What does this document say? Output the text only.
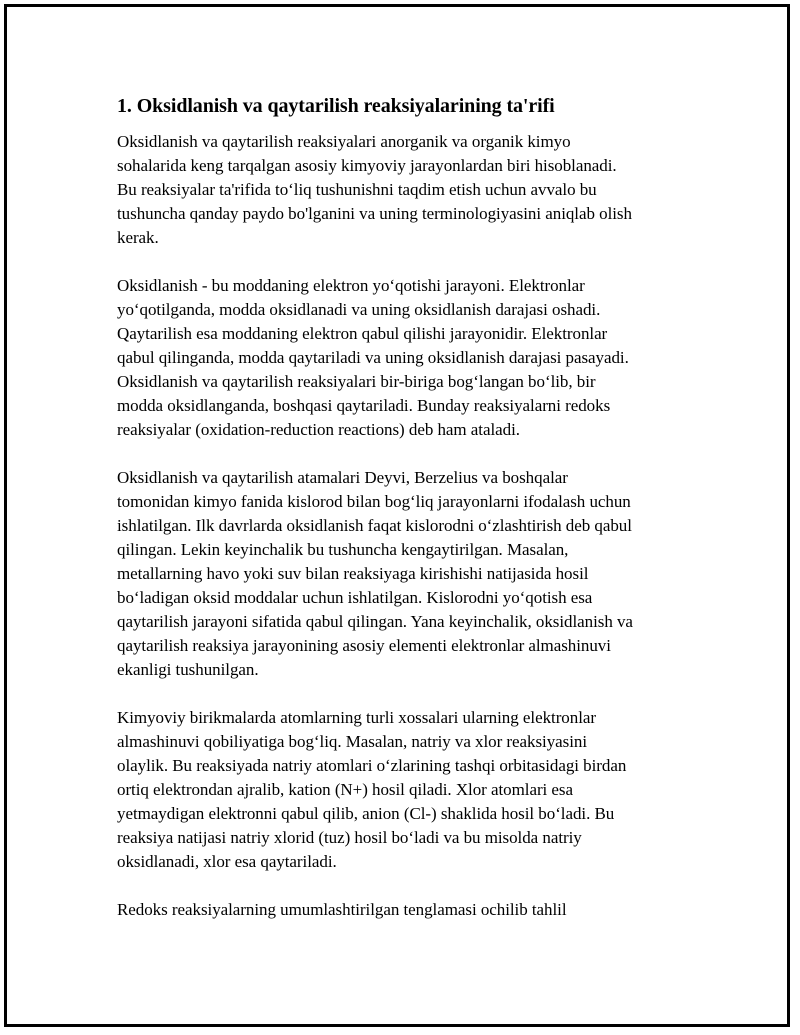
1. Oksidlanish va qaytarilish reaksiyalarining ta'rifi
Oksidlanish va qaytarilish reaksiyalari anorganik va organik kimyo
sohalarida keng tarqalgan asosiy kimyoviy jarayonlardan biri hisoblanadi.
Bu reaksiyalar ta'rifida to‘liq tushunishni taqdim etish uchun avvalo bu
tushuncha qanday paydo bo'lganini va uning terminologiyasini aniqlab olish
kerak.
Oksidlanish - bu moddaning elektron yo‘qotishi jarayoni. Elektronlar
yo‘qotilganda, modda oksidlanadi va uning oksidlanish darajasi oshadi.
Qaytarilish esa moddaning elektron qabul qilishi jarayonidir. Elektronlar
qabul qilinganda, modda qaytariladi va uning oksidlanish darajasi pasayadi.
Oksidlanish va qaytarilish reaksiyalari bir-biriga bog‘langan bo‘lib, bir
modda oksidlanganda, boshqasi qaytariladi. Bunday reaksiyalarni redoks
reaksiyalar (oxidation-reduction reactions) deb ham ataladi.
Oksidlanish va qaytarilish atamalari Deyvi, Berzelius va boshqalar
tomonidan kimyo fanida kislorod bilan bog‘liq jarayonlarni ifodalash uchun
ishlatilgan. Ilk davrlarda oksidlanish faqat kislorodni o‘zlashtirish deb qabul
qilingan. Lekin keyinchalik bu tushuncha kengaytirilgan. Masalan,
metallarning havo yoki suv bilan reaksiyaga kirishishi natijasida hosil
bo‘ladigan oksid moddalar uchun ishlatilgan. Kislorodni yo‘qotish esa
qaytarilish jarayoni sifatida qabul qilingan. Yana keyinchalik, oksidlanish va
qaytarilish reaksiya jarayonining asosiy elementi elektronlar almashinuvi
ekanligi tushunilgan.
Kimyoviy birikmalarda atomlarning turli xossalari ularning elektronlar
almashinuvi qobiliyatiga bog‘liq. Masalan, natriy va xlor reaksiyasini
olaylik. Bu reaksiyada natriy atomlari o‘zlarining tashqi orbitasidagi birdan
ortiq elektrondan ajralib, kation (N+) hosil qiladi. Xlor atomlari esa
yetmaydigan elektronni qabul qilib, anion (Cl-) shaklida hosil bo‘ladi. Bu
reaksiya natijasi natriy xlorid (tuz) hosil bo‘ladi va bu misolda natriy
oksidlanadi, xlor esa qaytariladi.
Redoks reaksiyalarning umumlashtirilgan tenglamasi ochilib tahlil
